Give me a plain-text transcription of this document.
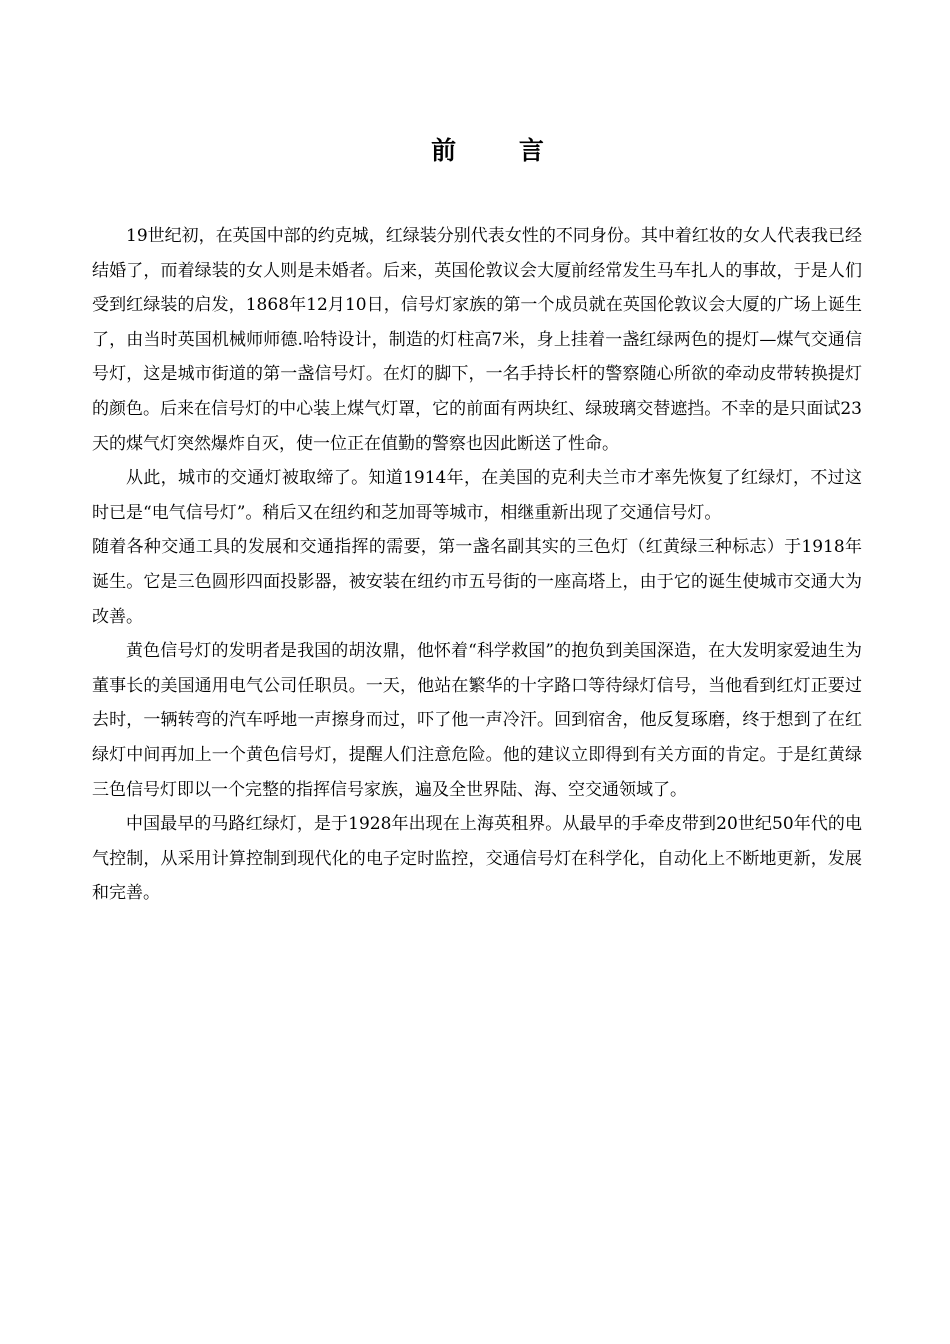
前 言

19世纪初，在英国中部的约克城，红绿装分别代表女性的不同身份。其中着红妆的女人代表我已经结婚了，而着绿装的女人则是未婚者。后来，英国伦敦议会大厦前经常发生马车扎人的事故，于是人们受到红绿装的启发，1868年12月10日，信号灯家族的第一个成员就在英国伦敦议会大厦的广场上诞生了，由当时英国机械师师德.哈特设计，制造的灯柱高7米，身上挂着一盏红绿两色的提灯—煤气交通信号灯，这是城市街道的第一盏信号灯。在灯的脚下，一名手持长杆的警察随心所欲的牵动皮带转换提灯的颜色。后来在信号灯的中心装上煤气灯罩，它的前面有两块红、绿玻璃交替遮挡。不幸的是只面试23天的煤气灯突然爆炸自灭，使一位正在值勤的警察也因此断送了性命。

从此，城市的交通灯被取缔了。知道1914年，在美国的克利夫兰市才率先恢复了红绿灯，不过这时已是“电气信号灯”。稍后又在纽约和芝加哥等城市，相继重新出现了交通信号灯。

随着各种交通工具的发展和交通指挥的需要，第一盏名副其实的三色灯（红黄绿三种标志）于1918年诞生。它是三色圆形四面投影器，被安装在纽约市五号街的一座高塔上，由于它的诞生使城市交通大为改善。

黄色信号灯的发明者是我国的胡汝鼎，他怀着“科学救国”的抱负到美国深造，在大发明家爱迪生为董事长的美国通用电气公司任职员。一天，他站在繁华的十字路口等待绿灯信号，当他看到红灯正要过去时，一辆转弯的汽车呼地一声擦身而过，吓了他一声冷汗。回到宿舍，他反复琢磨，终于想到了在红绿灯中间再加上一个黄色信号灯，提醒人们注意危险。他的建议立即得到有关方面的肯定。于是红黄绿三色信号灯即以一个完整的指挥信号家族，遍及全世界陆、海、空交通领域了。

中国最早的马路红绿灯，是于1928年出现在上海英租界。从最早的手牵皮带到20世纪50年代的电气控制，从采用计算控制到现代化的电子定时监控，交通信号灯在科学化，自动化上不断地更新，发展和完善。
